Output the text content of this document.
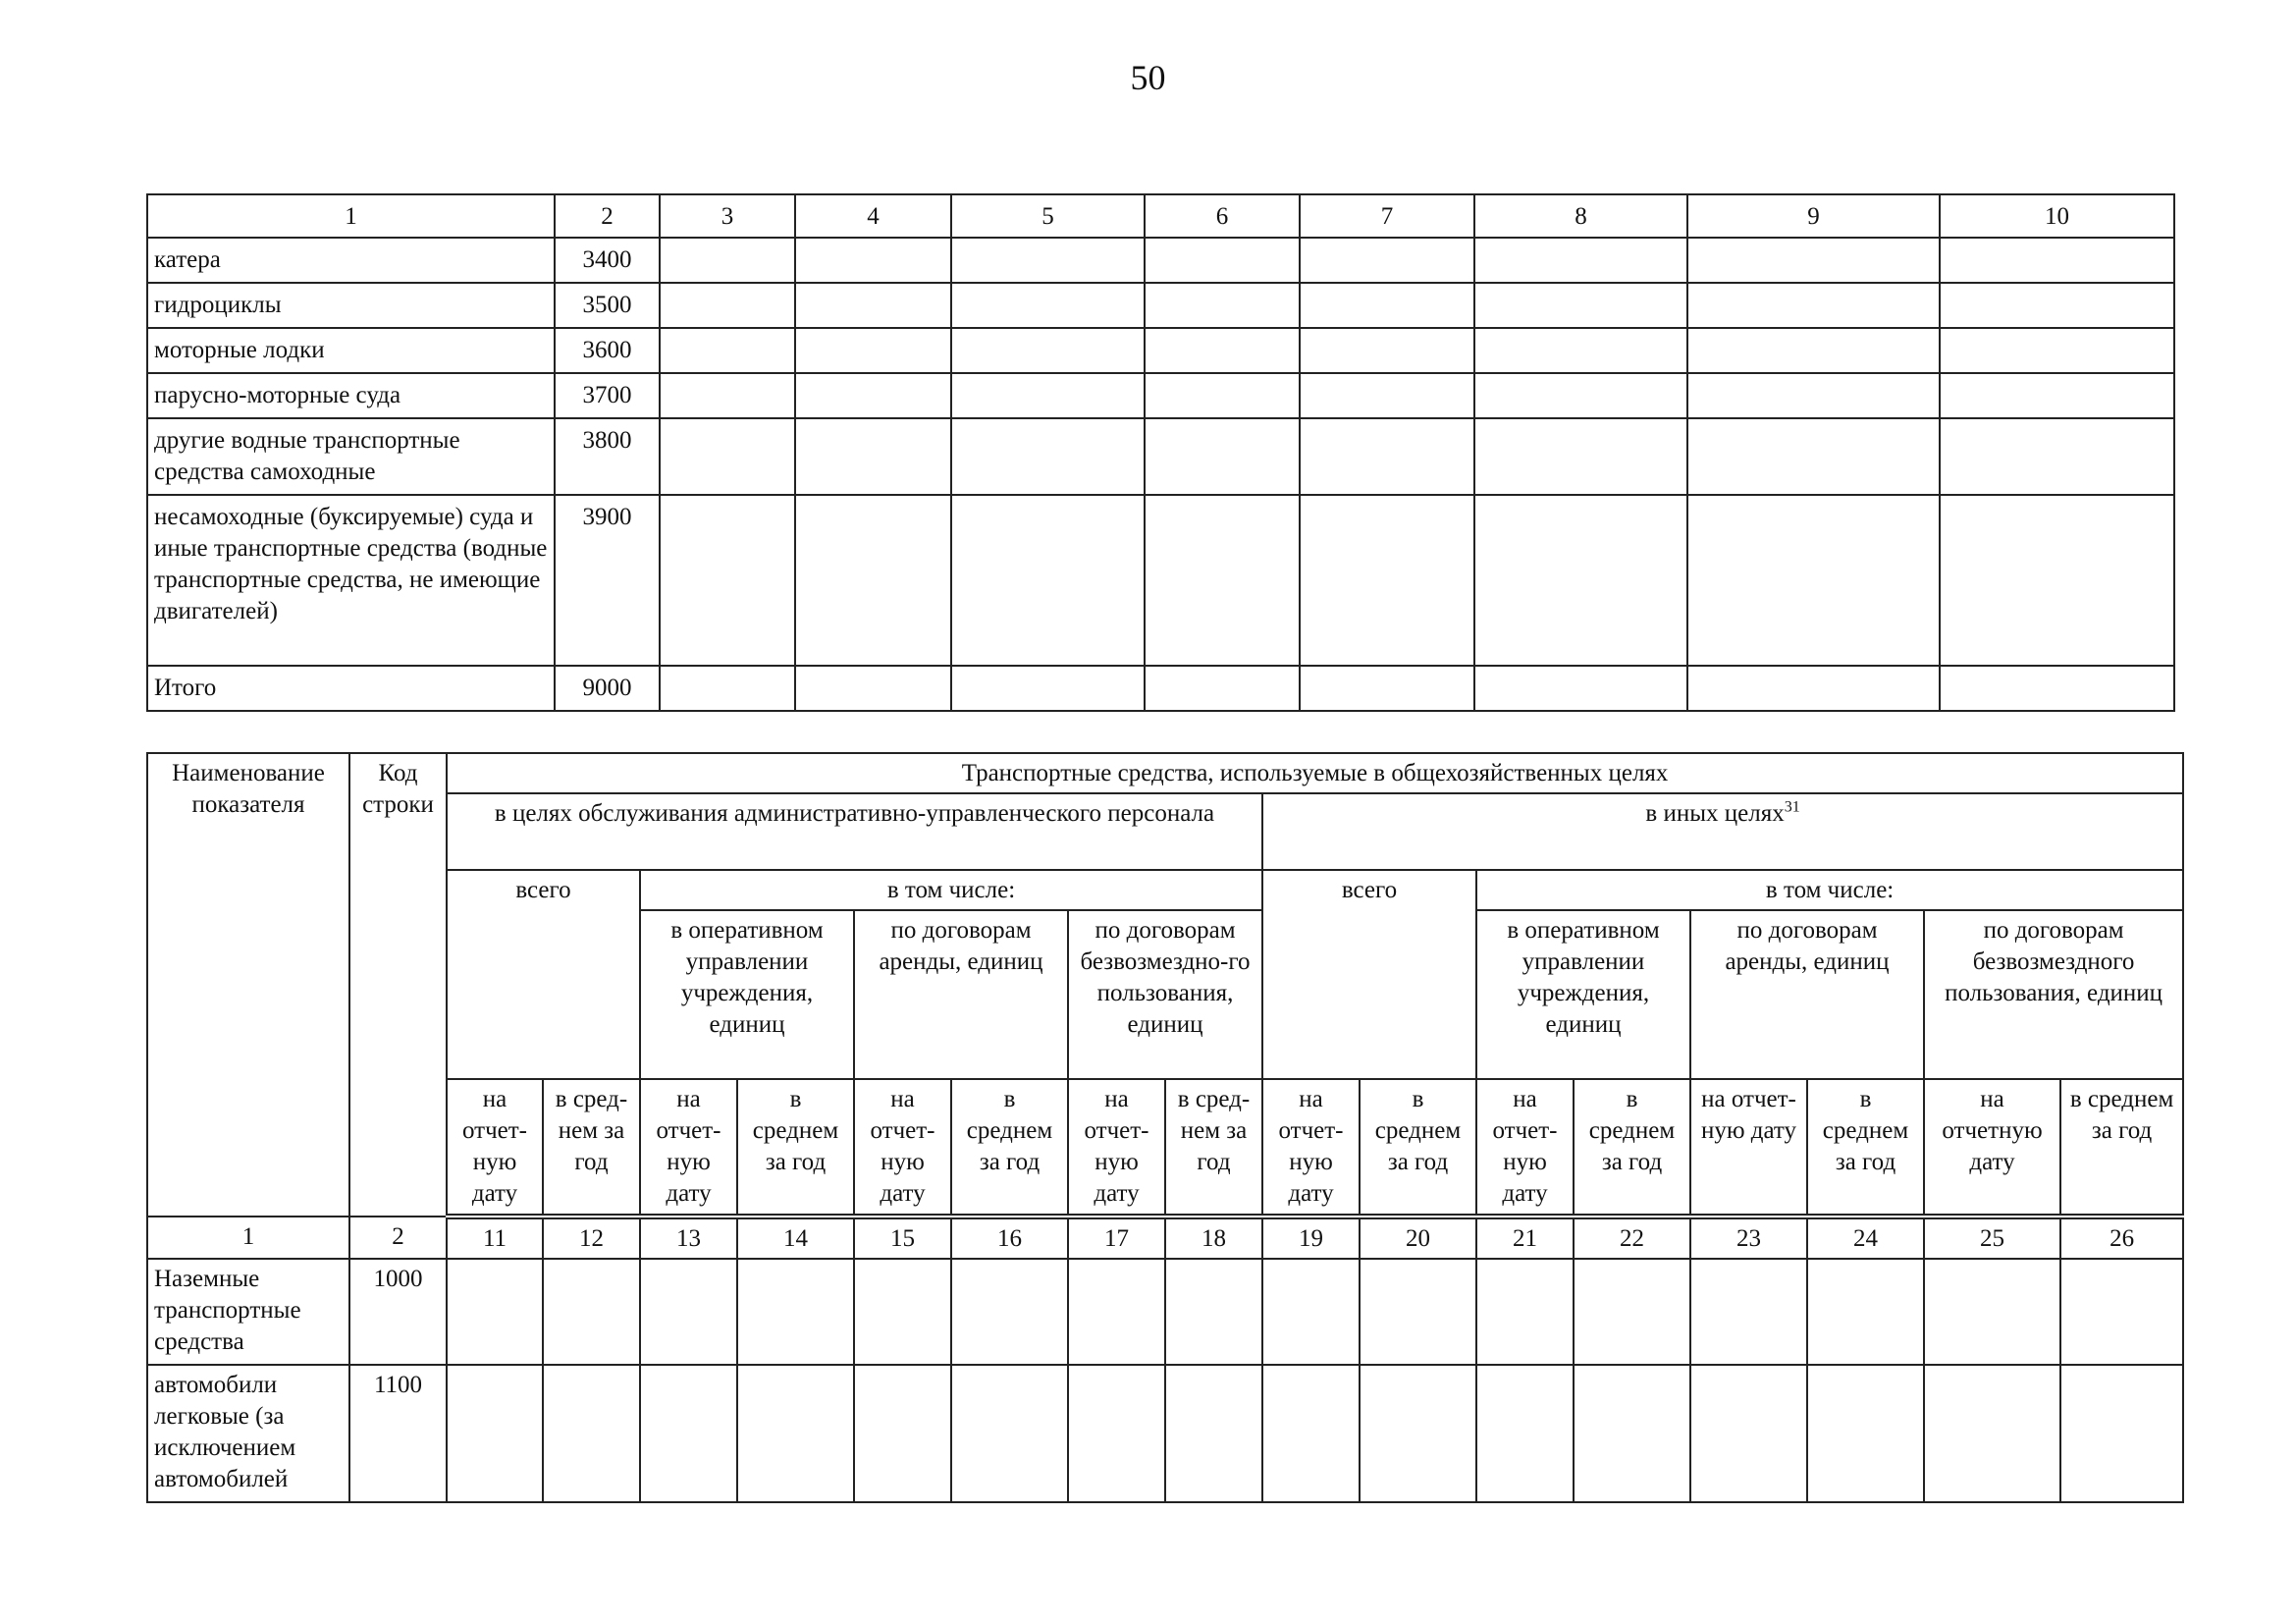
50
1	2	3	4	5	6	7	8	9	10
катера	3400								
гидроциклы	3500								
моторные лодки	3600								
парусно-моторные суда	3700								
другие водные транспортные средства самоходные	3800								
несамоходные (буксируемые) суда и иные транспортные средства (водные транспортные средства, не имеющие двигателей)	3900								
Итого	9000								
Наименование показателя	Код строки	Транспортные средства, используемые в общехозяйственных целях															
		в целях обслуживания административно-управленческого персонала								в иных целях$^{31}$
		всего		в том числе:						всего		в том числе:					
				в оперативном управлении учреждения, единиц		по договорам аренды, единиц		по договорам безвозмездно-го пользования, единиц				в оперативном управлении учреждения, единиц		по договорам аренды, единиц		по договорам безвозмездного пользования, единиц	
		на отчет-ную дату	в сред-нем за год	на отчет-ную дату	в среднем за год	на отчет-ную дату	в среднем за год	на отчет-ную дату	в сред-нем за год	на отчет-ную дату	в среднем за год	на отчет-ную дату	в среднем за год	на отчет-ную дату	в среднем за год	на отчетную дату	в среднем за год
1	2	11	12	13	14	15	16	17	18	19	20	21	22	23	24	25	26
Наземные транспортные средства	1000																
автомобили легковые (за исключением автомобилей	1100																
